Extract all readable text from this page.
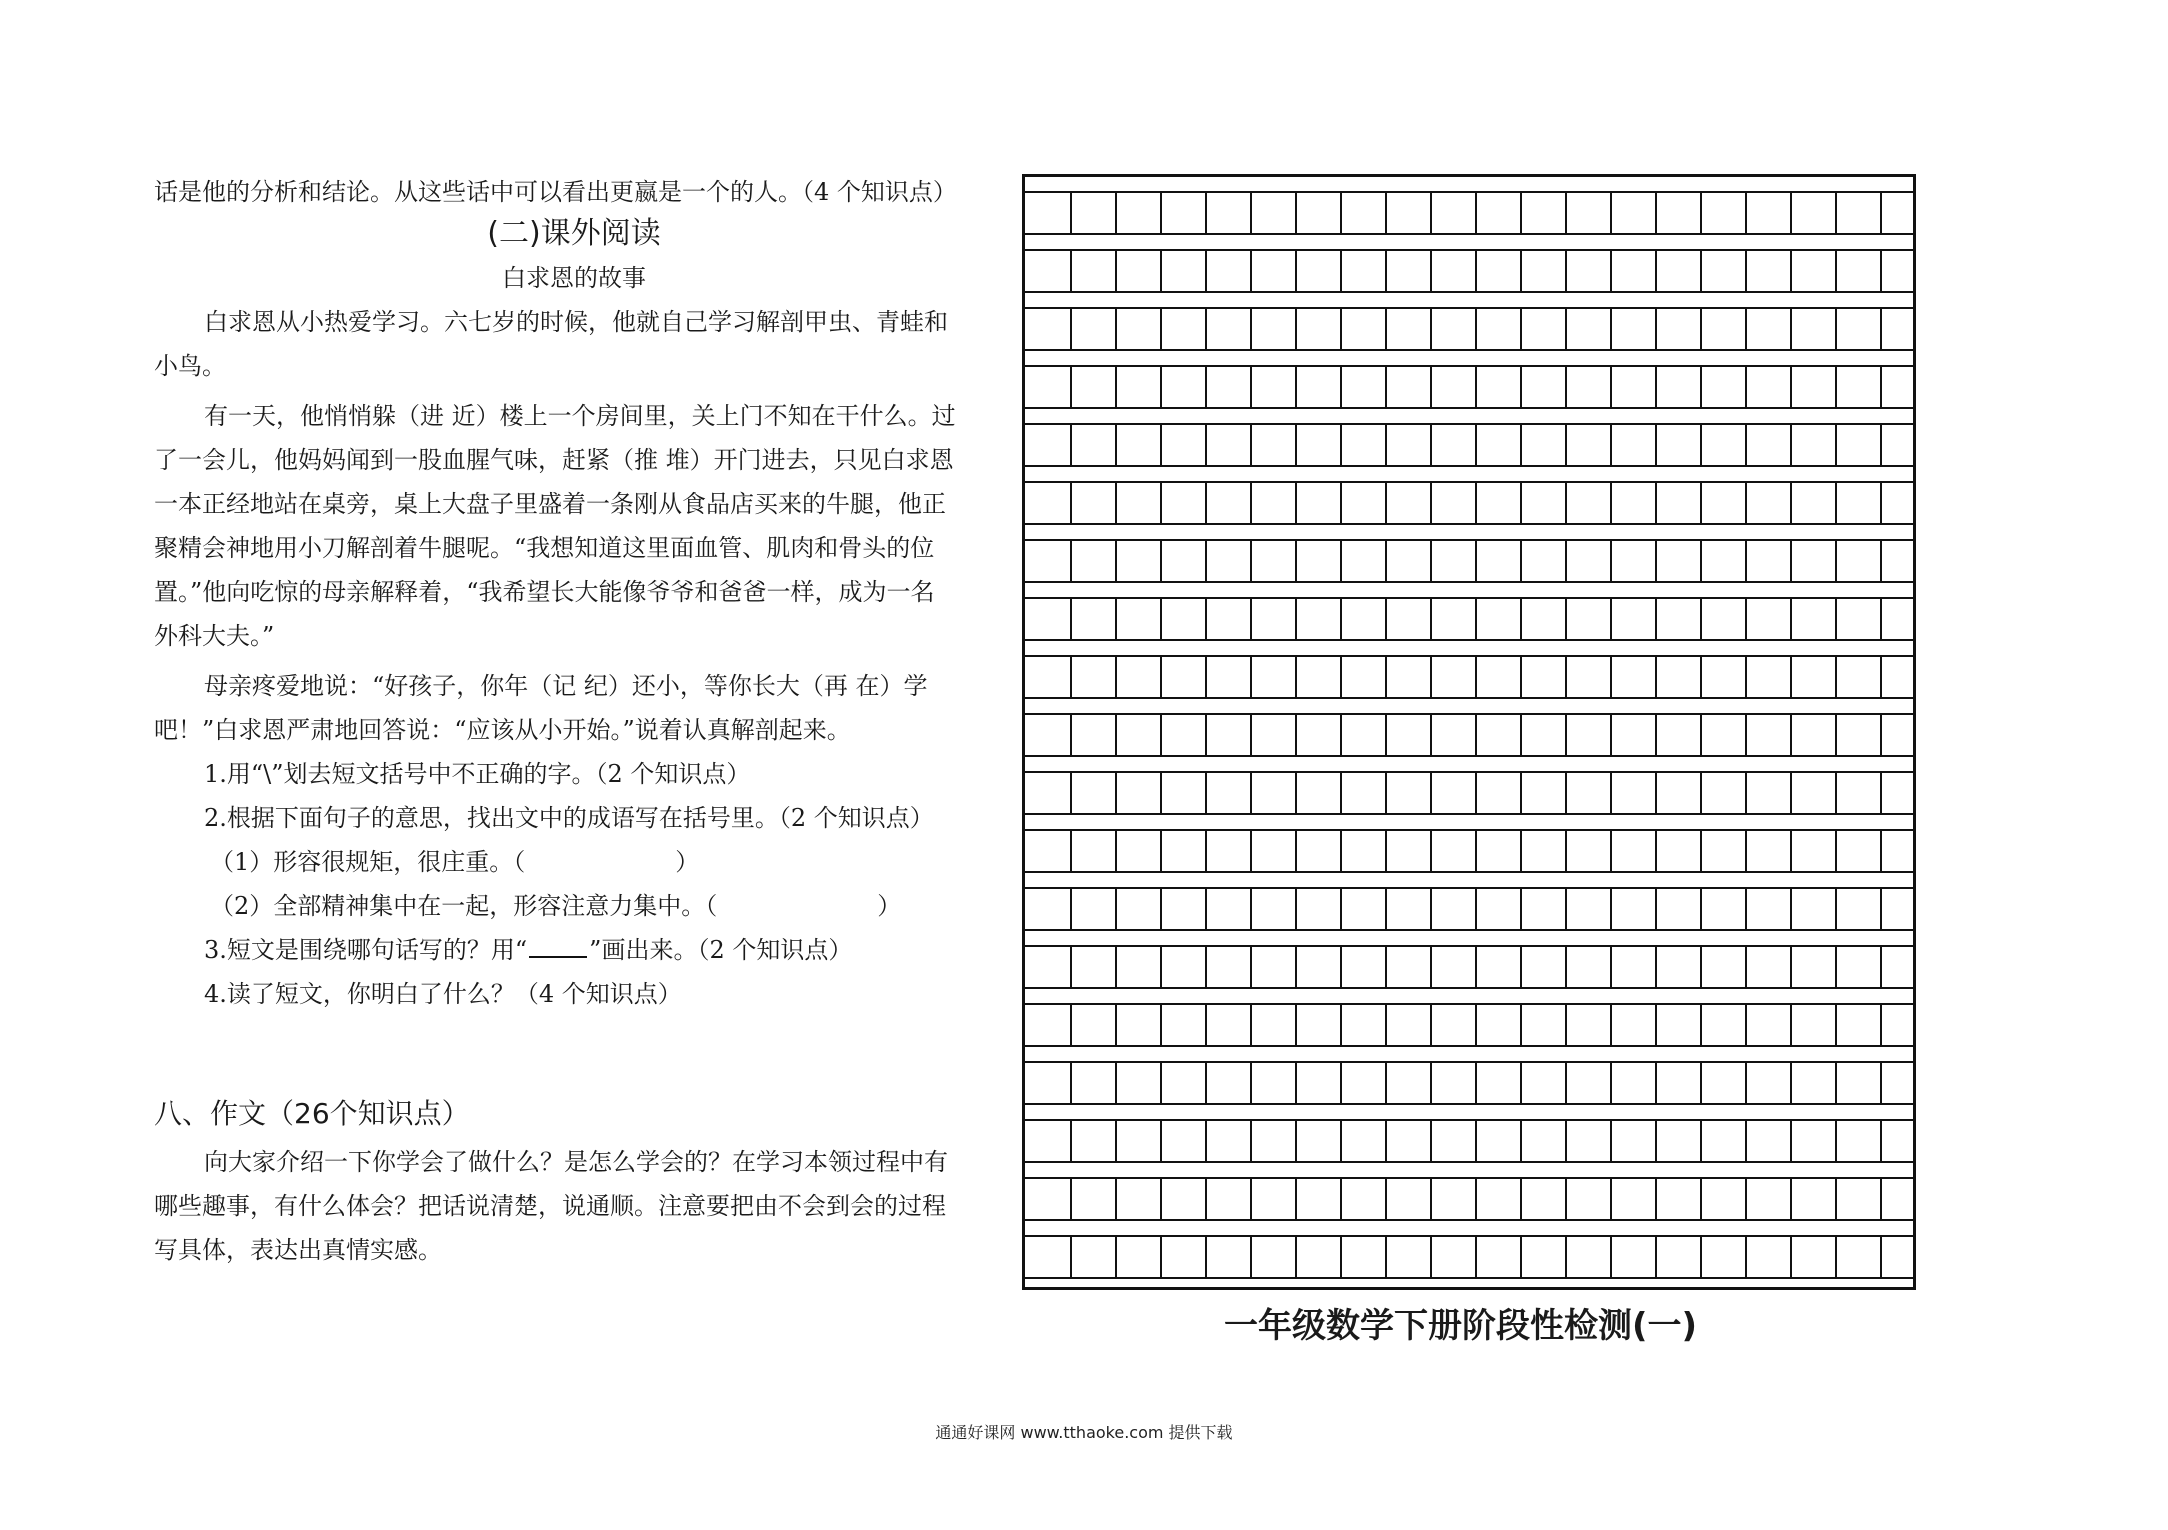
话是他的分析和结论。从这些话中可以看出更嬴是一个的人。（4 个知识点）
(二)课外阅读
白求恩的故事
白求恩从小热爱学习。六七岁的时候，他就自己学习解剖甲虫、青蛙和
小鸟。
有一天，他悄悄躲（进 近）楼上一个房间里，关上门不知在干什么。过
了一会儿，他妈妈闻到一股血腥气味，赶紧（推 堆）开门进去，只见白求恩
一本正经地站在桌旁，桌上大盘子里盛着一条刚从食品店买来的牛腿，他正
聚精会神地用小刀解剖着牛腿呢。“我想知道这里面血管、肌肉和骨头的位
置。”他向吃惊的母亲解释着，“我希望长大能像爷爷和爸爸一样，成为一名
外科大夫。”
母亲疼爱地说：“好孩子，你年（记 纪）还小，等你长大（再 在）学
吧！”白求恩严肃地回答说：“应该从小开始。”说着认真解剖起来。
1.用“\”划去短文括号中不正确的字。（2 个知识点）
2.根据下面句子的意思，找出文中的成语写在括号里。（2 个知识点）
（1）形容很规矩，很庄重。（	）
（2）全部精神集中在一起，形容注意力集中。（	）
3.短文是围绕哪句话写的？用“	”画出来。（2 个知识点）
4.读了短文，你明白了什么？（4 个知识点）
八、作文（26个知识点）
向大家介绍一下你学会了做什么？是怎么学会的？在学习本领过程中有
哪些趣事，有什么体会？把话说清楚，说通顺。注意要把由不会到会的过程
写具体，表达出真情实感。
一年级数学下册阶段性检测(一)
通通好课网 www.tthaoke.com 提供下载
